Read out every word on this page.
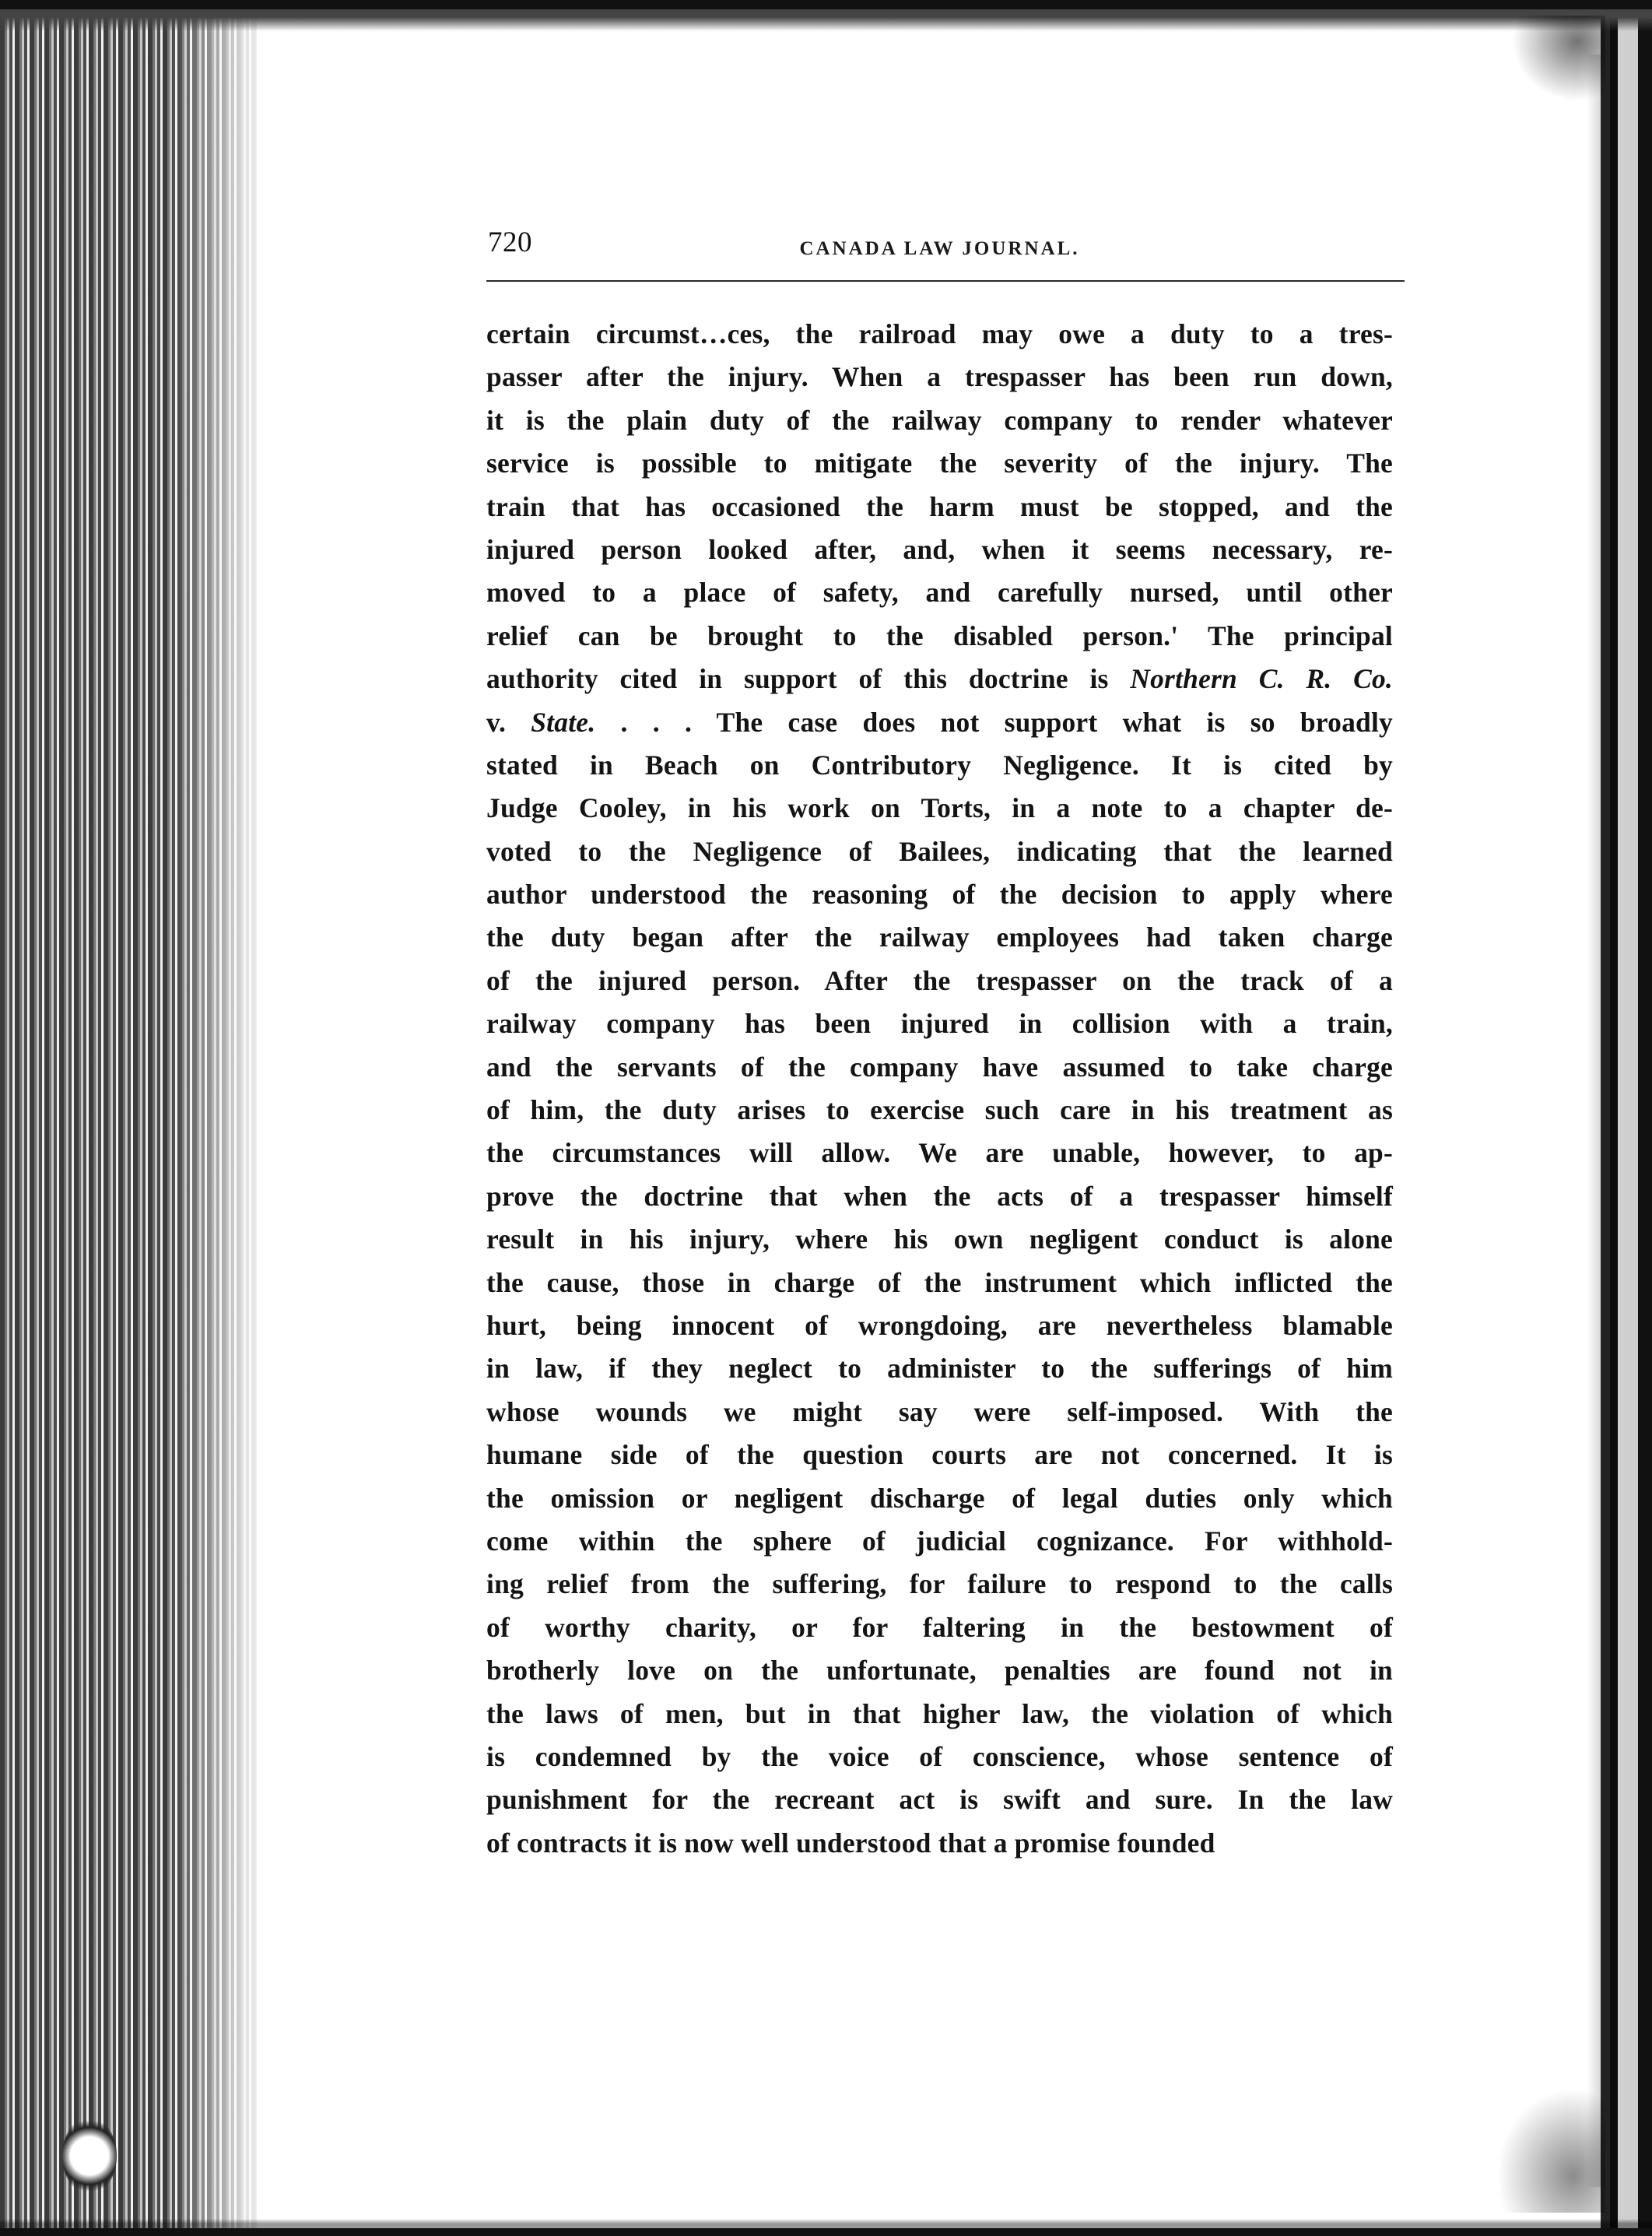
720	CANADA LAW JOURNAL.
certain circumst…ces, the railroad may owe a duty to a tres-
passer after the injury. When a trespasser has been run down,
it is the plain duty of the railway company to render whatever
service is possible to mitigate the severity of the injury. The
train that has occasioned the harm must be stopped, and the
injured person looked after, and, when it seems necessary, re-
moved to a place of safety, and carefully nursed, until other
relief can be brought to the disabled person.' The principal
authority cited in support of this doctrine is Northern C. R. Co.
v. State. . . . The case does not support what is so broadly
stated in Beach on Contributory Negligence. It is cited by
Judge Cooley, in his work on Torts, in a note to a chapter de-
voted to the Negligence of Bailees, indicating that the learned
author understood the reasoning of the decision to apply where
the duty began after the railway employees had taken charge
of the injured person. After the trespasser on the track of a
railway company has been injured in collision with a train,
and the servants of the company have assumed to take charge
of him, the duty arises to exercise such care in his treatment as
the circumstances will allow. We are unable, however, to ap-
prove the doctrine that when the acts of a trespasser himself
result in his injury, where his own negligent conduct is alone
the cause, those in charge of the instrument which inflicted the
hurt, being innocent of wrongdoing, are nevertheless blamable
in law, if they neglect to administer to the sufferings of him
whose wounds we might say were self-imposed. With the
humane side of the question courts are not concerned. It is
the omission or negligent discharge of legal duties only which
come within the sphere of judicial cognizance. For withhold-
ing relief from the suffering, for failure to respond to the calls
of worthy charity, or for faltering in the bestowment of
brotherly love on the unfortunate, penalties are found not in
the laws of men, but in that higher law, the violation of which
is condemned by the voice of conscience, whose sentence of
punishment for the recreant act is swift and sure. In the law
of contracts it is now well understood that a promise founded
